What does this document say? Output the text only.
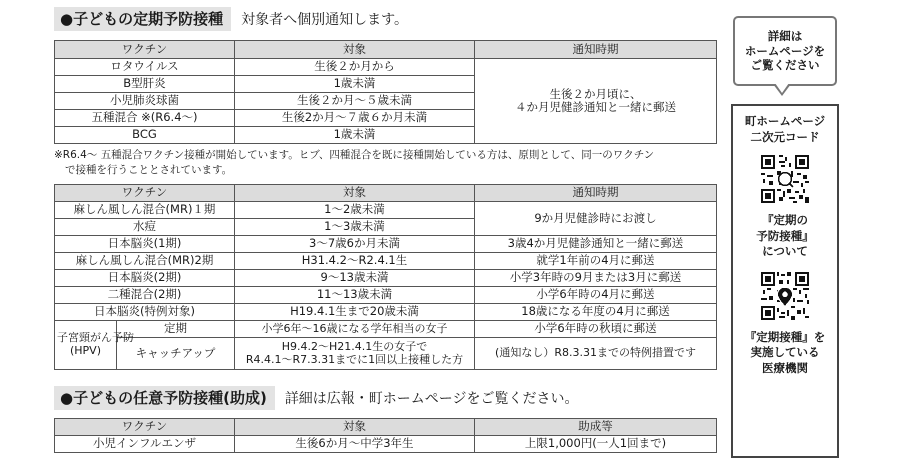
●子どもの定期予防接種	対象者へ個別通知します。
ワクチン	対象	通知時期
ロタウイルス	生後２か月から	生後２か月頃に、
４か月児健診通知と一緒に郵送

B型肝炎	1歳未満	
小児肺炎球菌	生後２か月～５歳未満	
五種混合 ※(R6.4～)	生後2か月～７歳６か月未満	
BCG	1歳未満	
※R6.4～ 五種混合ワクチン接種が開始しています。ヒブ、四種混合を既に接種開始している方は、原則として、同一のワクチン
で接種を行うこととされています。
ワクチン		対象	通知時期
麻しん風しん混合(MR)１期		1～2歳未満	9か月児健診時にお渡し
水痘		1～3歳未満	
日本脳炎(1期)		3～7歳6か月未満	3歳4か月児健診通知と一緒に郵送
麻しん風しん混合(MR)2期		H31.4.2～R2.4.1生	就学1年前の4月に郵送
日本脳炎(2期)		9～13歳未満	小学3年時の9月または3月に郵送
二種混合(2期)		11～13歳未満	小学6年時の4月に郵送
日本脳炎(特例対象)		H19.4.1生まで20歳未満	18歳になる年度の4月に郵送

子宮頸がん予防
(HPV)	定期	小学6年～16歳になる学年相当の女子	小学6年時の秋頃に郵送
	キャッチアップ	H9.4.2～H21.4.1生の女子で
R4.4.1～R7.3.31までに1回以上接種した方	(通知なし）R8.3.31までの特例措置です
●子どもの任意予防接種(助成)	詳細は広報・町ホームページをご覧ください。
ワクチン	対象	助成等
小児インフルエンザ	生後6か月～中学3年生	上限1,000円(一人1回まで)
詳細は
ホームページを
ご覧ください
町ホームページ
二次元コード
『定期の
予防接種』
について
『定期接種』を
実施している
医療機関
